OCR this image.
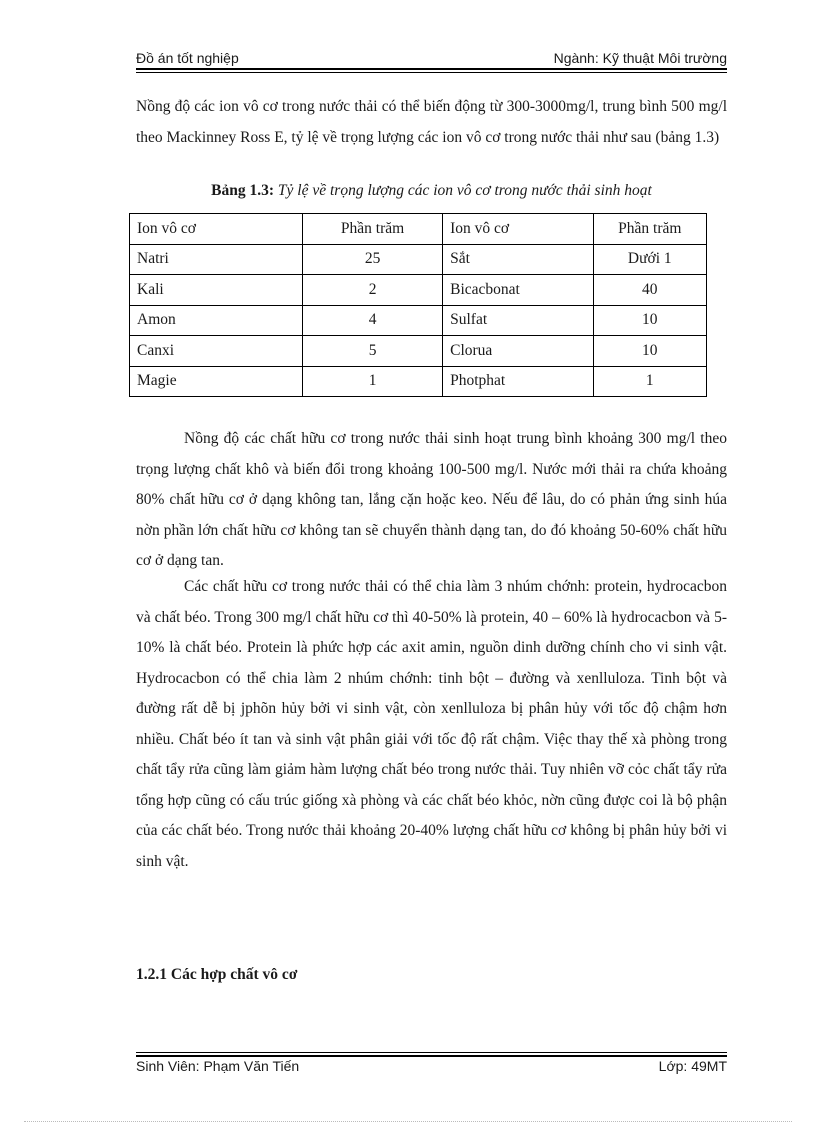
Đồ án tốt nghiệp	Ngành: Kỹ thuật Môi trường

Nồng độ các ion vô cơ trong nước thải có thể biến động từ 300-3000mg/l, trung bình 500 mg/l theo Mackinney Ross E, tỷ lệ về trọng lượng các ion vô cơ trong nước thải như sau (bảng 1.3)

Bảng 1.3: Tỷ lệ về trọng lượng các ion vô cơ trong nước thải sinh hoạt
Ion vô cơ	Phần trăm	Ion vô cơ	Phần trăm
Natri	25	Sắt	Dưới 1
Kali	2	Bicacbonat	40
Amon	4	Sulfat	10
Canxi	5	Clorua	10
Magie	1	Photphat	1

Nồng độ các chất hữu cơ trong nước thải sinh hoạt trung bình khoảng 300 mg/l theo trọng lượng chất khô và biến đổi trong khoảng 100-500 mg/l. Nước mới thải ra chứa khoảng 80% chất hữu cơ ở dạng không tan, lắng cặn hoặc keo. Nếu để lâu, do có phản ứng sinh húa nờn phần lớn chất hữu cơ không tan sẽ chuyển thành dạng tan, do đó khoảng 50-60% chất hữu cơ ở dạng tan.

Các chất hữu cơ trong nước thải có thể chia làm 3 nhúm chớnh: protein, hydrocacbon và chất béo. Trong 300 mg/l chất hữu cơ thì 40-50% là protein, 40 – 60% là hydrocacbon và 5- 10% là chất béo. Protein là phức hợp các axit amin, nguồn dinh dưỡng chính cho vi sinh vật. Hydrocacbon có thể chia làm 2 nhúm chớnh: tinh bột – đường và xenlluloza. Tinh bột và đường rất dễ bị jphõn hủy bởi vi sinh vật, còn xenlluloza bị phân hủy với tốc độ chậm hơn nhiều. Chất béo ít tan và sinh vật phân giải với tốc độ rất chậm. Việc thay thế xà phòng trong chất tẩy rửa cũng làm giảm hàm lượng chất béo trong nước thải. Tuy nhiên vỡ cỏc chất tẩy rửa tổng hợp cũng có cấu trúc giống xà phòng và các chất béo khỏc, nờn cũng được coi là bộ phận của các chất béo. Trong nước thải khoảng 20-40% lượng chất hữu cơ không bị phân hủy bởi vi sinh vật.

1.2.1 Các hợp chất vô cơ
Sinh Viên: Phạm Văn Tiến	Lớp: 49MT
